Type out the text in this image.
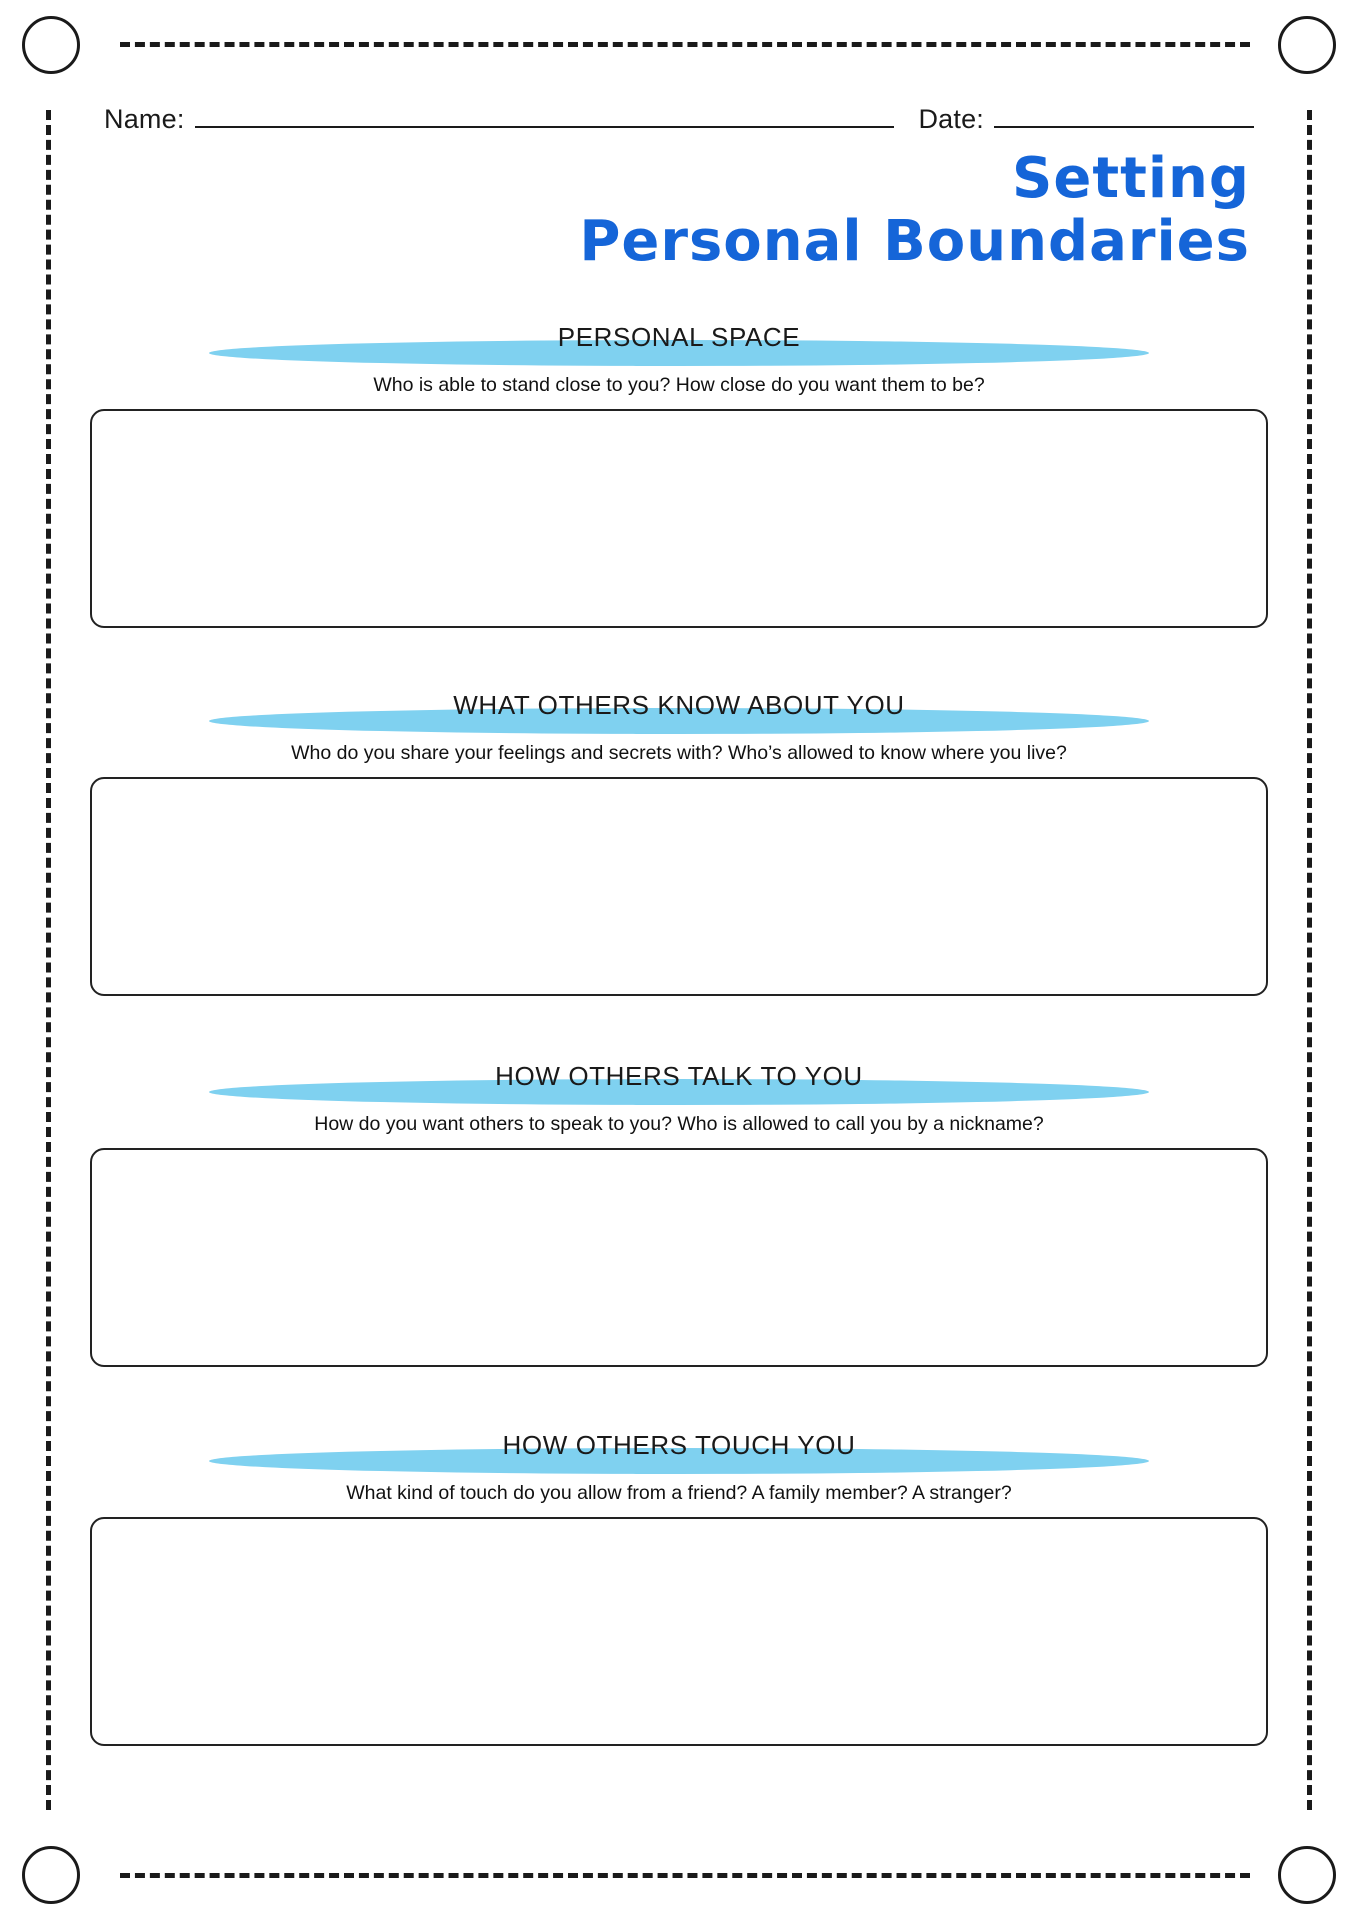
Name:	Date:
Setting
Personal Boundaries
PERSONAL SPACE
Who is able to stand close to you? How close do you want them to be?
WHAT OTHERS KNOW ABOUT YOU
Who do you share your feelings and secrets with? Who’s allowed to know where you live?
HOW OTHERS TALK TO YOU
How do you want others to speak to you? Who is allowed to call you by a nickname?
HOW OTHERS TOUCH YOU
What kind of touch do you allow from a friend? A family member? A stranger?
